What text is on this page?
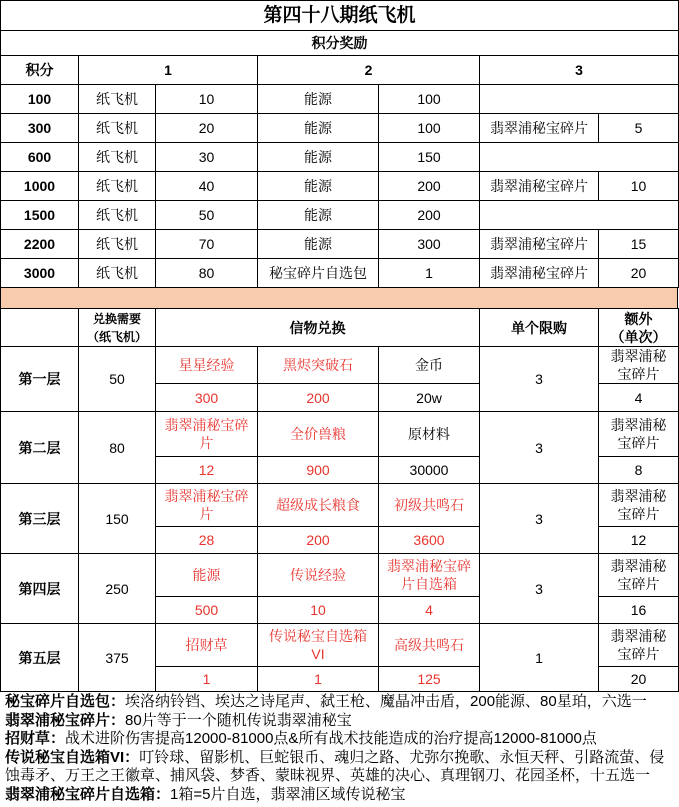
第四十八期纸飞机						
积分奖励						
积分	1		2		3	
100	纸飞机	10	能源	100		
300	纸飞机	20	能源	100	翡翠浦秘宝碎片	5
600	纸飞机	30	能源	150		
1000	纸飞机	40	能源	200	翡翠浦秘宝碎片	10
1500	纸飞机	50	能源	200		
2200	纸飞机	70	能源	300	翡翠浦秘宝碎片	15
3000	纸飞机	80	秘宝碎片自选包	1	翡翠浦秘宝碎片	20
	兑换需要
（纸飞机）	信物兑换			单个限购	额外
（单次）
第一层	50	星星经验	黑烬突破石	金币	3	翡翠浦秘宝碎片
		300	200	20w		4
第二层	80	翡翠浦秘宝碎片	全价兽粮	原材料	3	翡翠浦秘宝碎片
		12	900	30000		8
第三层	150	翡翠浦秘宝碎片	超级成长粮食	初级共鸣石	3	翡翠浦秘宝碎片
		28	200	3600		12
第四层	250	能源	传说经验	翡翠浦秘宝碎片自选箱	3	翡翠浦秘宝碎片
		500	10	4		16
第五层	375	招财草	传说秘宝自选箱VI	高级共鸣石	1	翡翠浦秘宝碎片
		1	1	125		20
秘宝碎片自选包：埃洛纳铃铛、埃达之诗尾声、弑王枪、魔晶冲击盾，200能源、80星珀，六选一
翡翠浦秘宝碎片：80片等于一个随机传说翡翠浦秘宝
招财草：战术进阶伤害提高12000-81000点&所有战术技能造成的治疗提高12000-81000点
传说秘宝自选箱VI：叮铃球、留影机、巨蛇银币、魂归之路、尤弥尔挽歌、永恒天秤、引路流萤、侵蚀毒矛、万王之王徽章、捕风袋、梦香、蒙昧视界、英雄的决心、真理钢刀、花园圣杯，十五选一
翡翠浦秘宝碎片自选箱：1箱=5片自选，翡翠浦区域传说秘宝
